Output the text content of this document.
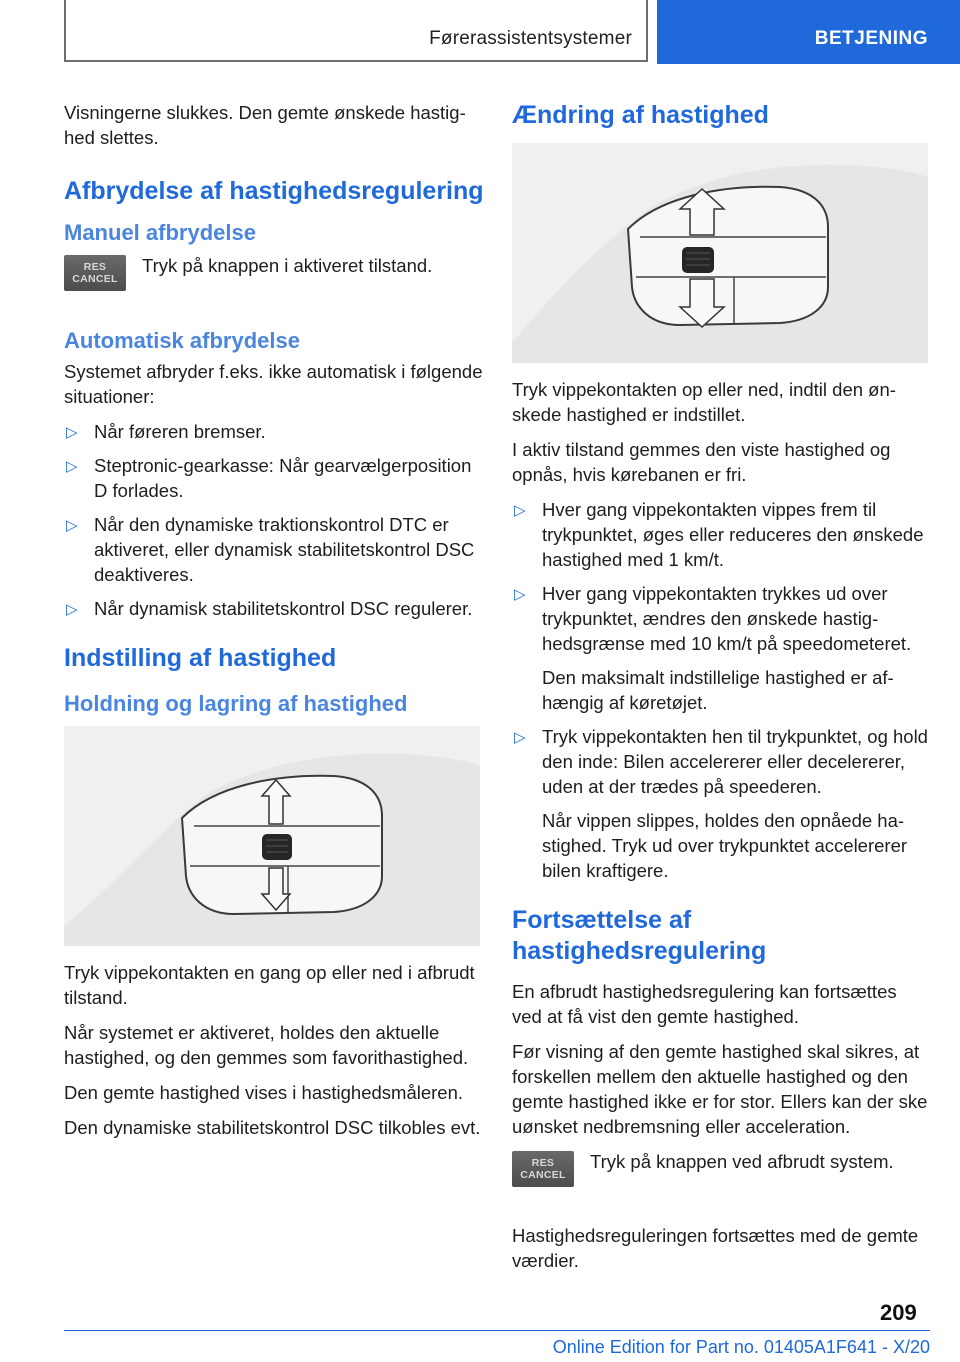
Førerassistentsystemer	BETJENING

Visningerne slukkes. Den gemte ønskede hastighed slettes.

Afbrydelse af hastighedsregulering
Manuel afbrydelse
RES
CANCEL

Tryk på knappen i aktiveret tilstand.

Automatisk afbrydelse

Systemet afbryder f.eks. ikke automatisk i følgende situationer:

▷ Når føreren bremser.
▷ Steptronic-gearkasse: Når gearvælgerposition D forlades.
▷ Når den dynamiske traktionskontrol DTC er aktiveret, eller dynamisk stabilitetskontrol DSC deaktiveres.
▷ Når dynamisk stabilitetskontrol DSC regulerer.
Indstilling af hastighed
Holdning og lagring af hastighed

Tryk vippekontakten en gang op eller ned i afbrudt tilstand.

Når systemet er aktiveret, holdes den aktuelle hastighed, og den gemmes som favorithastighed.

Den gemte hastighed vises i hastighedsmåleren.

Den dynamiske stabilitetskontrol DSC tilkobles evt.

Ændring af hastighed

Tryk vippekontakten op eller ned, indtil den ønskede hastighed er indstillet.

I aktiv tilstand gemmes den viste hastighed og opnås, hvis kørebanen er fri.

▷ Hver gang vippekontakten vippes frem til trykpunktet, øges eller reduceres den ønskede hastighed med 1 km/t.
▷ Hver gang vippekontakten trykkes ud over trykpunktet, ændres den ønskede hastighedsgrænse med 10 km/t på speedometeret.
Den maksimalt indstillelige hastighed er afhængig af køretøjet.
▷ Tryk vippekontakten hen til trykpunktet, og hold den inde: Bilen accelererer eller decelererer, uden at der trædes på speederen.
Når vippen slippes, holdes den opnåede hastighed. Tryk ud over trykpunktet accelererer bilen kraftigere.
Fortsættelse af hastighedsregulering

En afbrudt hastighedsregulering kan fortsættes ved at få vist den gemte hastighed.

Før visning af den gemte hastighed skal sikres, at forskellen mellem den aktuelle hastighed og den gemte hastighed ikke er for stor. Ellers kan der ske uønsket nedbremsning eller acceleration.

RES
CANCEL

Tryk på knappen ved afbrudt system.

Hastighedsreguleringen fortsættes med de gemte værdier.

209
Online Edition for Part no. 01405A1F641 - X/20
